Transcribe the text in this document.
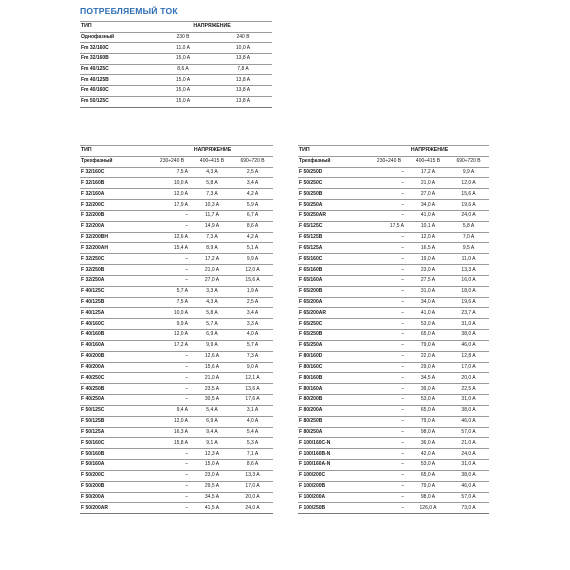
ПОТРЕБЛЯЕМЫЙ ТОК
ТИП	НАПРЯЖЕНИЕ	
Однофазный	230 В	240 В
Fm 32/160C	11,0 A	10,0 A
Fm 32/160B	15,0 A	13,8 A
Fm 40/125C	8,6 A	7,8 A
Fm 40/125B	15,0 A	13,8 A
Fm 40/160C	15,0 A	13,8 A
Fm 50/125C	15,0 A	13,8 A
ТИП	НАПРЯЖЕНИЕ		
Трехфазный	230÷240 В	400÷415 В	690÷720 В
F 32/160C	7,5 A	4,3 A	2,5 A
F 32/160B	10,0 A	5,8 A	3,4 A
F 32/160A	12,0 A	7,3 A	4,2 A
F 32/200C	17,9 A	10,3 A	5,9 A
F 32/200B	–	11,7 A	6,7 A
F 32/200A	–	14,9 A	8,6 A
F 32/200BH	12,6 A	7,3 A	4,2 A
F 32/200AH	15,4 A	8,9 A	5,1 A
F 32/250C	–	17,2 A	9,9 A
F 32/250B	–	21,0 A	12,0 A
F 32/250A	–	27,0 A	15,6 A
F 40/125C	5,7 A	3,3 A	1,9 A
F 40/125B	7,5 A	4,3 A	2,5 A
F 40/125A	10,0 A	5,8 A	3,4 A
F 40/160C	9,9 A	5,7 A	3,3 A
F 40/160B	12,0 A	6,9 A	4,0 A
F 40/160A	17,2 A	9,9 A	5,7 A
F 40/200B	–	12,6 A	7,3 A
F 40/200A	–	15,6 A	9,0 A
F 40/250C	–	21,0 A	12,1 A
F 40/250B	–	23,5 A	13,6 A
F 40/250A	–	30,5 A	17,6 A
F 50/125C	9,4 A	5,4 A	3,1 A
F 50/125B	12,0 A	6,9 A	4,0 A
F 50/125A	16,3 A	9,4 A	5,4 A
F 50/160C	15,8 A	9,1 A	5,3 A
F 50/160B	–	12,3 A	7,1 A
F 50/160A	–	15,0 A	8,6 A
F 50/200C	–	23,0 A	13,3 A
F 50/200B	–	29,5 A	17,0 A
F 50/200A	–	34,5 A	20,0 A
F 50/200AR	–	41,5 A	24,0 A
ТИП	НАПРЯЖЕНИЕ		
Трехфазный	230÷240 В	400÷415 В	690÷720 В
F 50/250D	–	17,2 A	9,9 A
F 50/250C	–	21,0 A	12,0 A
F 50/250B	–	27,0 A	15,6 A
F 50/250A	–	34,0 A	19,6 A
F 50/250AR	–	41,0 A	24,0 A
F 65/125C	17,5 A	10,1 A	5,8 A
F 65/125B	–	12,0 A	7,0 A
F 65/125A	–	16,5 A	9,5 A
F 65/160C	–	19,0 A	11,0 A
F 65/160B	–	23,0 A	13,3 A
F 65/160A	–	27,5 A	16,0 A
F 65/200B	–	31,0 A	18,0 A
F 65/200A	–	34,0 A	19,6 A
F 65/200AR	–	41,0 A	23,7 A
F 65/250C	–	53,0 A	31,0 A
F 65/250B	–	65,0 A	38,0 A
F 65/250A	–	79,0 A	46,0 A
F 80/160D	–	22,0 A	12,8 A
F 80/160C	–	29,0 A	17,0 A
F 80/160B	–	34,5 A	20,0 A
F 80/160A	–	39,0 A	22,5 A
F 80/200B	–	53,0 A	31,0 A
F 80/200A	–	65,0 A	38,0 A
F 80/250B	–	79,0 A	46,0 A
F 80/250A	–	98,0 A	57,0 A
F 100/160C-N	–	36,0 A	21,0 A
F 100/160B-N	–	42,0 A	24,0 A
F 100/160A-N	–	53,0 A	31,0 A
F 100/200C	–	65,0 A	38,0 A
F 100/200B	–	79,0 A	46,0 A
F 100/200A	–	98,0 A	57,0 A
F 100/250B	–	126,0 A	73,0 A
